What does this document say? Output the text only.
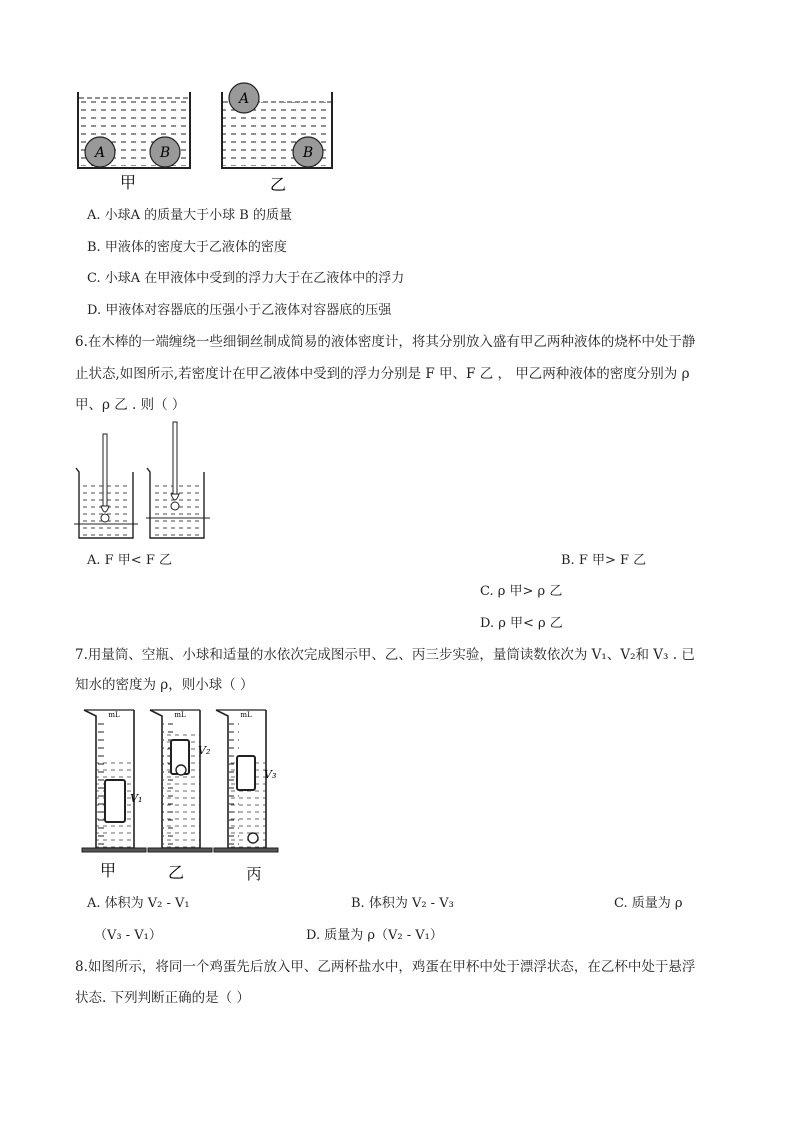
A	B
A
B
甲	乙
A. 小球A 的质量大于小球 B 的质量
B. 甲液体的密度大于乙液体的密度
C. 小球A 在甲液体中受到的浮力大于在乙液体中的浮力
D. 甲液体对容器底的压强小于乙液体对容器底的压强
6.在木棒的一端缠绕一些细铜丝制成简易的液体密度计，将其分别放入盛有甲乙两种液体的烧杯中处于静
止状态,如图所示,若密度计在甲乙液体中受到的浮力分别是 F 甲、F 乙 ， 甲乙两种液体的密度分别为 ρ
甲、ρ 乙 . 则（ ）
A. F 甲< F 乙	B. F 甲> F 乙
C. ρ 甲> ρ 乙
D. ρ 甲< ρ 乙
7.用量筒、空瓶、小球和适量的水依次完成图示甲、乙、丙三步实验，量筒读数依次为 V₁、V₂和 V₃ . 已
知水的密度为 ρ，则小球（ ）
mL
V₁
甲
mL
V₂
乙
mL
V₃
丙
A. 体积为 V₂ - V₁	B. 体积为 V₂ - V₃	C. 质量为 ρ
（V₃ - V₁）	D. 质量为 ρ（V₂ - V₁）
8.如图所示，将同一个鸡蛋先后放入甲、乙两杯盐水中，鸡蛋在甲杯中处于漂浮状态，在乙杯中处于悬浮
状态. 下列判断正确的是（ ）
